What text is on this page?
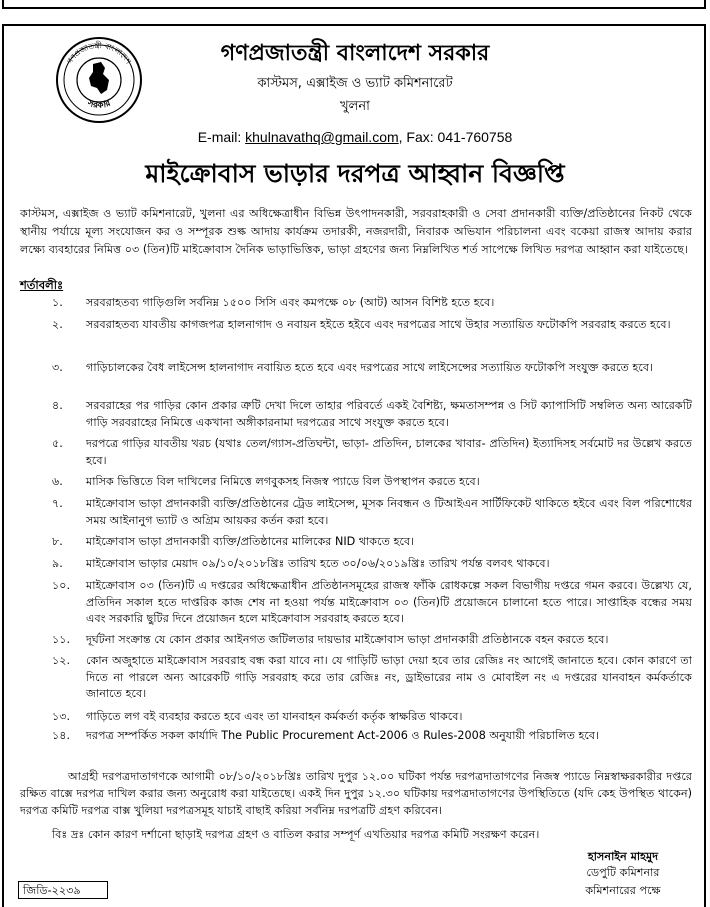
গণপ্রজাতন্ত্রী বাংলাদেশ
সরকার
গণপ্রজাতন্ত্রী বাংলাদেশ সরকার
কাস্টমস, এক্সাইজ ও ভ্যাট কমিশনারেট
খুলনা
E-mail: khulnavathq@gmail.com, Fax: 041-760758
মাইক্রোবাস ভাড়ার দরপত্র আহ্বান বিজ্ঞপ্তি
কাস্টমস, এক্সাইজ ও ভ্যাট কমিশনারেট, খুলনা এর অধিক্ষেত্রাধীন বিভিন্ন উৎপাদনকারী, সরবরাহকারী ও সেবা প্রদানকারী ব্যক্তি/প্রতিষ্ঠানের নিকট থেকে স্থানীয় পর্যায়ে মূল্য সংযোজন কর ও সম্পূরক শুল্ক আদায় কার্যক্রম তদারকী, নজরদারী, নিবারক অভিযান পরিচালনা এবং বকেয়া রাজস্ব আদায় করার লক্ষ্যে ব্যবহারের নিমিত্ত ০৩ (তিন)টি মাইক্রোবাস দৈনিক ভাড়াভিত্তিক, ভাড়া গ্রহণের জন্য নিম্নলিখিত শর্ত সাপেক্ষে লিখিত দরপত্র আহ্বান করা যাইতেছে।
শর্তাবলীঃ
১. সরবরাহতব্য গাড়িগুলি সর্বনিম্ন ১৫০০ সিসি এবং কমপক্ষে ০৮ (আট) আসন বিশিষ্ট হতে হবে।
২. সরবরাহতব্য যাবতীয় কাগজপত্র হালনাগাদ ও নবায়ন হইতে হইবে এবং দরপত্রের সাথে উহার সত্যায়িত ফটোকপি সরবরাহ করতে হবে।
৩. গাড়িচালকের বৈধ লাইসেন্স হালনাগাদ নবায়িত হতে হবে এবং দরপত্রের সাথে লাইসেন্সের সত্যায়িত ফটোকপি সংযুক্ত করতে হবে।
৪. সরবরাহের পর গাড়ির কোন প্রকার ত্রুটি দেখা দিলে তাহার পরিবর্তে একই বৈশিষ্ট্য, ক্ষমতাসম্পন্ন ও সিট ক্যাপাসিটি সম্বলিত অন্য আরেকটি গাড়ি সরবরাহের নিমিত্তে একখানা অঙ্গীকারনামা দরপত্রের সাথে সংযুক্ত করতে হবে।
৫. দরপত্রে গাড়ির যাবতীয় খরচ (যথাঃ তেল/গ্যাস-প্রতিঘন্টা, ভাড়া- প্রতিদিন, চালকের খাবার- প্রতিদিন) ইত্যাদিসহ সর্বমোট দর উল্লেখ করতে হবে।
৬. মাসিক ভিত্তিতে বিল দাখিলের নিমিত্তে লগবুকসহ নিজস্ব প্যাডে বিল উপস্থাপন করতে হবে।
৭. মাইক্রোবাস ভাড়া প্রদানকারী ব্যক্তি/প্রতিষ্ঠানের ট্রেড লাইসেন্স, মূসক নিবন্ধন ও টিআইএন সার্টিফিকেট থাকিতে হইবে এবং বিল পরিশোধের সময় আইনানুগ ভ্যাট ও অগ্রিম আয়কর কর্তন করা হবে।
৮. মাইক্রোবাস ভাড়া প্রদানকারী ব্যক্তি/প্রতিষ্ঠানের মালিকের NID থাকতে হবে।
৯. মাইক্রোবাস ভাড়ার মেয়াদ ০৯/১০/২০১৮খ্রিঃ তারিখ হতে ৩০/০৬/২০১৯খ্রিঃ তারিখ পর্যন্ত বলবৎ থাকবে।
১০. মাইক্রোবাস ০৩ (তিন)টি এ দপ্তরের অধিক্ষেত্রাধীন প্রতিষ্ঠানসমূহের রাজস্ব ফাঁকি রোধকল্পে সকল বিভাগীয় দপ্তরে গমন করবে। উল্লেখ্য যে, প্রতিদিন সকাল হতে দাপ্তরিক কাজ শেষ না হওয়া পর্যন্ত মাইক্রোবাস ০৩ (তিন)টি প্রয়োজনে চালানো হতে পারে। সাপ্তাহিক বন্ধের সময় এবং সরকারি ছুটির দিনে প্রয়োজন হলে মাইক্রোবাস সরবরাহ করতে হবে।
১১. দূর্ঘটনা সংক্রান্ত যে কোন প্রকার আইনগত জটিলতার দায়ভার মাইক্রোবাস ভাড়া প্রদানকারী প্রতিষ্ঠানকে বহন করতে হবে।
১২. কোন অজুহাতে মাইক্রোবাস সরবরাহ বন্ধ করা যাবে না। যে গাড়িটি ভাড়া দেয়া হবে তার রেজিঃ নং আগেই জানাতে হবে। কোন কারণে তা দিতে না পারলে অন্য আরেকটি গাড়ি সরবরাহ করে তার রেজিঃ নং, ড্রাইভারের নাম ও মোবাইল নং এ দপ্তরের যানবাহন কর্মকর্তাকে জানাতে হবে।
১৩. গাড়িতে লগ বই ব্যবহার করতে হবে এবং তা যানবাহন কর্মকর্তা কর্তৃক স্বাক্ষরিত থাকবে।
১৪. দরপত্র সম্পর্কিত সকল কার্যাদি The Public Procurement Act-2006 ও Rules-2008 অনুযায়ী পরিচালিত হবে।
আগ্রহী দরপত্রদাতাগণকে আগামী ০৮/১০/২০১৮খ্রিঃ তারিখ দুপুর ১২.০০ ঘটিকা পর্যন্ত দরপত্রদাতাগণের নিজস্ব প্যাডে নিম্নস্বাক্ষরকারীর দপ্তরে রক্ষিত বাক্সে দরপত্র দাখিল করার জন্য অনুরোধ করা যাইতেছে। একই দিন দুপুর ১২.৩০ ঘটিকায় দরপত্রদাতাগণের উপস্থিতিতে (যদি কেহ উপস্থিত থাকেন) দরপত্র কমিটি দরপত্র বাক্স খুলিয়া দরপত্রসমূহ যাচাই বাছাই করিয়া সর্বনিম্ন দরপত্রটি গ্রহণ করিবেন।
বিঃ দ্রঃ কোন কারণ দর্শানো ছাড়াই দরপত্র গ্রহণ ও বাতিল করার সম্পূর্ণ এখতিয়ার দরপত্র কমিটি সংরক্ষণ করেন।
হাসনাইন মাহমুদ
ডেপুটি কমিশনার
কমিশনারের পক্ষে
জিডি-২২৩৯
